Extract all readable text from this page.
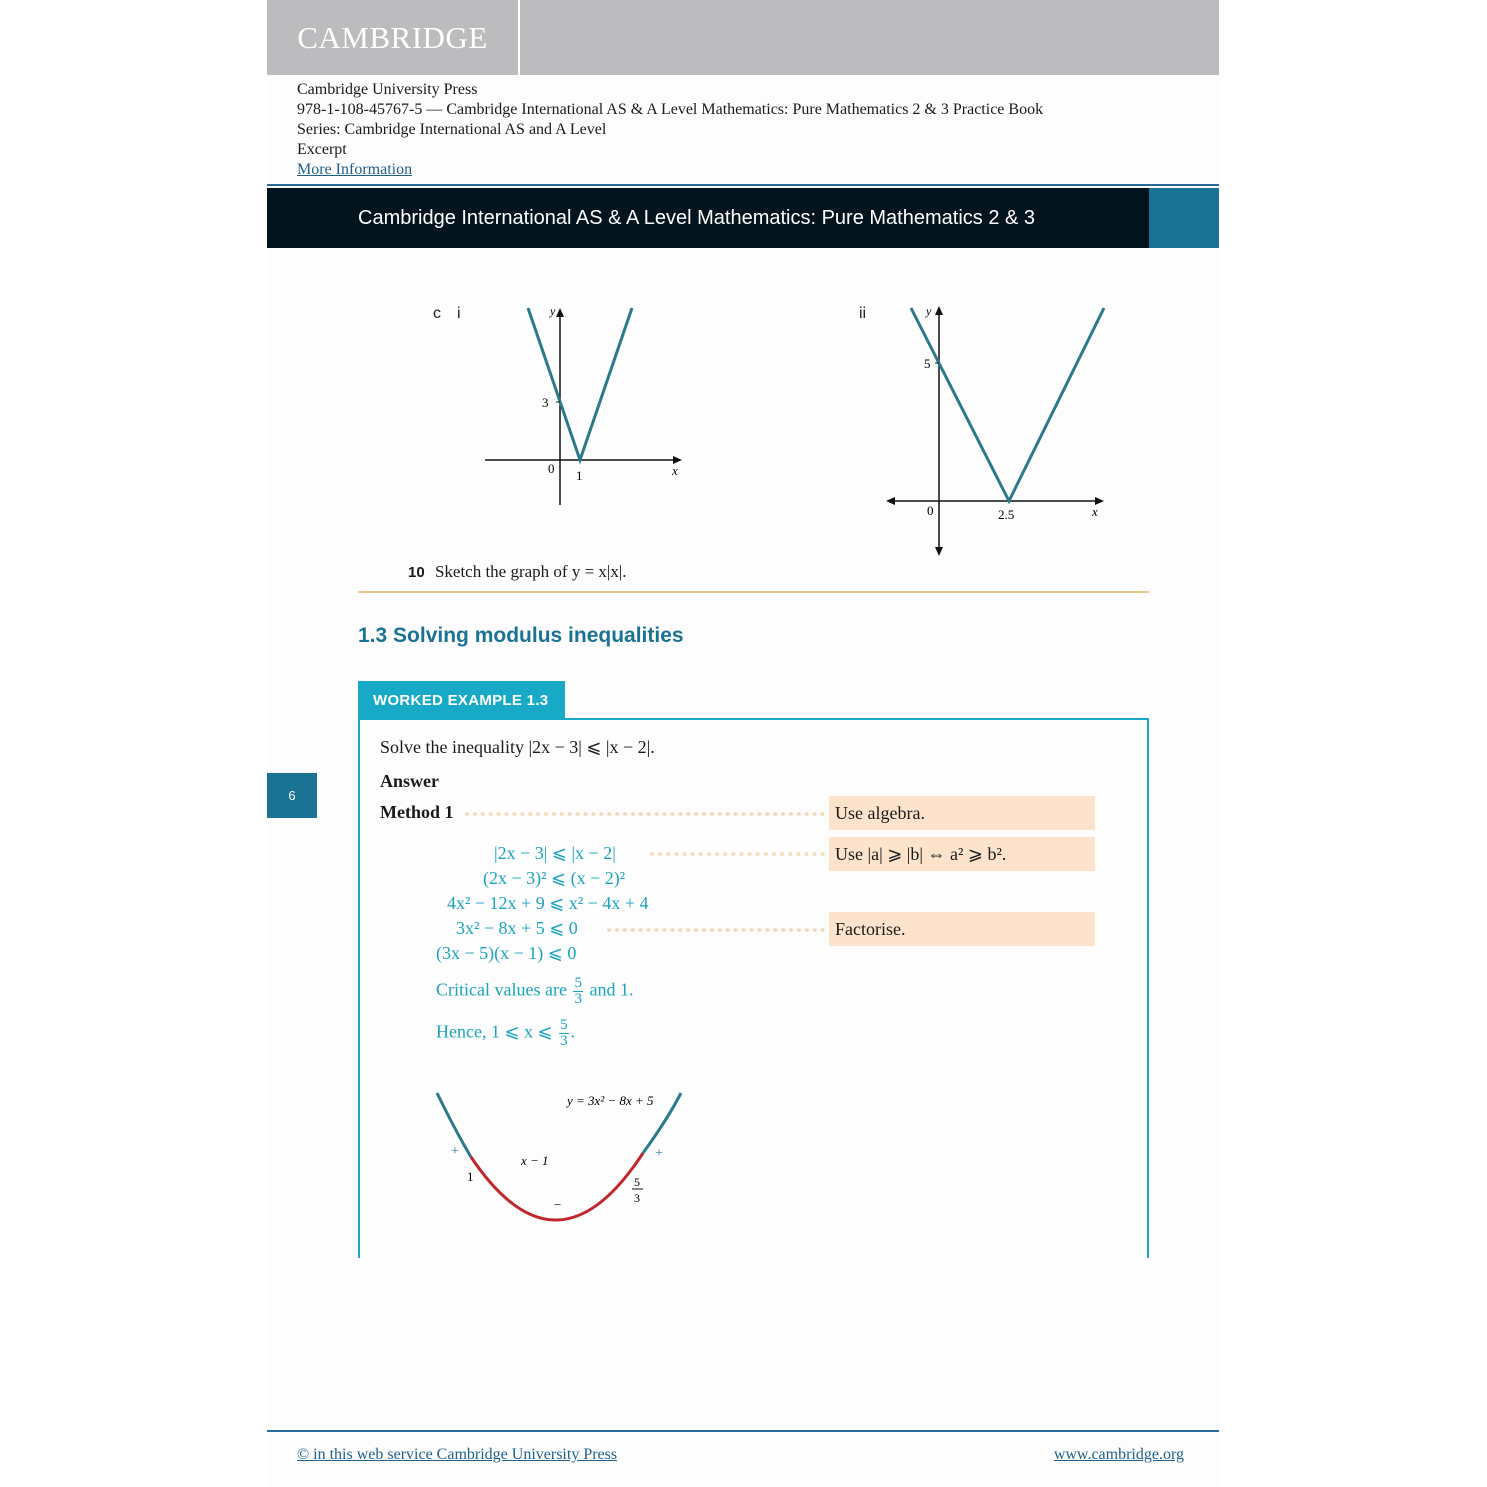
CAMBRIDGE
Cambridge University Press
978-1-108-45767-5 — Cambridge International AS & A Level Mathematics: Pure Mathematics 2 & 3 Practice Book
Series: Cambridge International AS and A Level
Excerpt
More Information
Cambridge International AS & A Level Mathematics: Pure Mathematics 2 & 3
6
c i	ii
y
x
3
0 1
y
x
5
0	2.5
10 Sketch the graph of y = x|x|.
1.3 Solving modulus inequalities
WORKED EXAMPLE 1.3
Solve the inequality |2x − 3| ⩽ |x − 2|.
Answer
Method 1	Use algebra.
Use |a| ⩾ |b| ⇔ a² ⩾ b².
Factorise.
|2x − 3| ⩽ |x − 2|
(2x − 3)² ⩽ (x − 2)²
4x² − 12x + 9 ⩽ x² − 4x + 4
3x² − 8x + 5 ⩽ 0
(3x − 5)(x − 1) ⩽ 0
Critical values are $\frac{5}{3}$ and 1.
Hence, 1 ⩽ x ⩽ $\frac{5}{3}$ .
y = 3x² − 8x + 5
+	+
−
1
x − 1
5
3
© in this web service Cambridge University Press	www.cambridge.org
